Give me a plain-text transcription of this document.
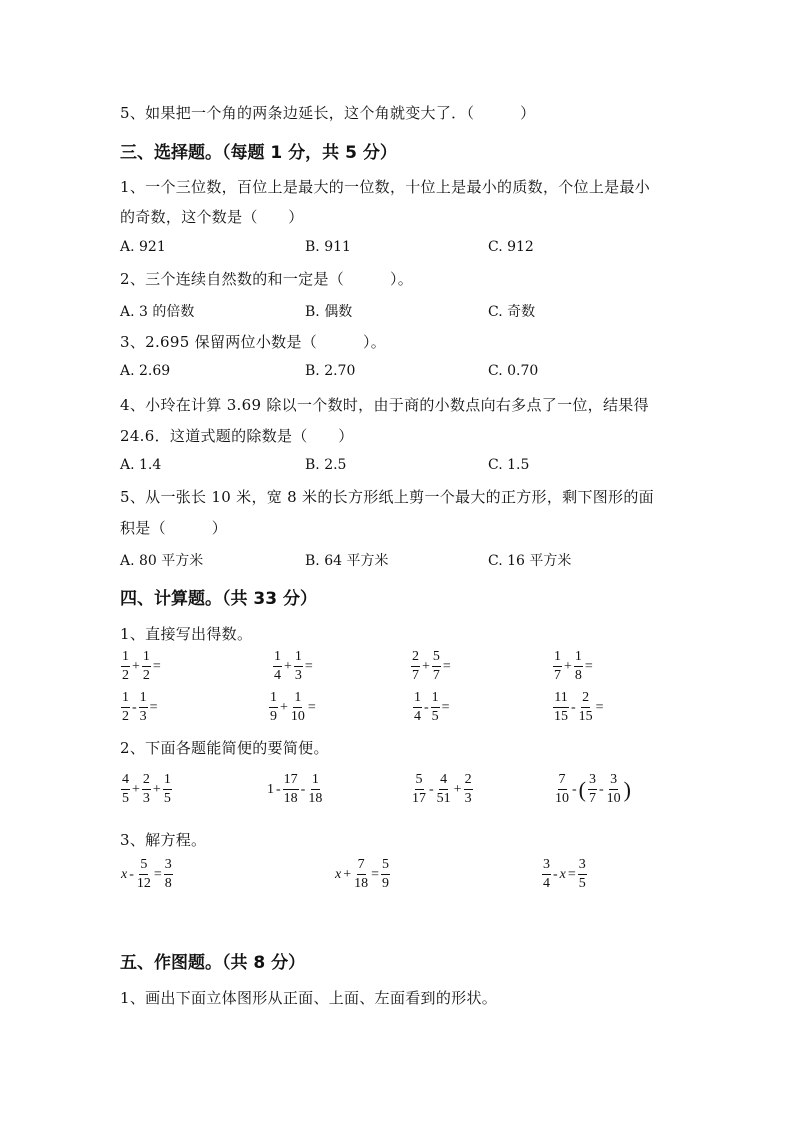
5、如果把一个角的两条边延长，这个角就变大了．（　　　）
三、选择题。（每题 1 分，共 5 分）
1、一个三位数，百位上是最大的一位数，十位上是最小的质数，个位上是最小
的奇数，这个数是（　　）
A. 921	B. 911	C. 912
2、三个连续自然数的和一定是（　　　）。
A. 3 的倍数	B. 偶数	C. 奇数
3、2.695 保留两位小数是（　　　）。
A. 2.69	B. 2.70	C. 0.70
4、小玲在计算 3.69 除以一个数时，由于商的小数点向右多点了一位，结果得
24.6．这道式题的除数是（　　）
A. 1.4	B. 2.5	C. 1.5
5、从一张长 10 米，宽 8 米的长方形纸上剪一个最大的正方形，剩下图形的面
积是（　　　）
A. 80 平方米	B. 64 平方米	C. 16 平方米
四、计算题。（共 33 分）
1、直接写出得数。
$\frac{1}{2} + \frac{1}{2}$ =	$\frac{1}{4} + \frac{1}{3}$ =	$\frac{2}{7} + \frac{5}{7}$ =	$\frac{1}{7} + \frac{1}{8}$ =
$\frac{1}{2} - \frac{1}{3}$ =	$\frac{1}{9} + \frac{1}{10}$ =	$\frac{1}{4} - \frac{1}{5}$ =	$\frac{11}{15} - \frac{2}{15}$ =
2、下面各题能简便的要简便。
$\frac{4}{5} + \frac{2}{3} + \frac{1}{5}$	$1 - \frac{17}{18} - \frac{1}{18}$	$\frac{5}{17} - \frac{4}{51} + \frac{2}{3}$	$\frac{7}{10}$ -( $\frac{3}{7} - \frac{3}{10}$ )
3、解方程。
$x - \frac{5}{12} = \frac{3}{8}$	$x + \frac{7}{18} = \frac{5}{9}$	$\frac{3}{4} - x = \frac{3}{5}$
五、作图题。（共 8 分）
1、画出下面立体图形从正面、上面、左面看到的形状。
